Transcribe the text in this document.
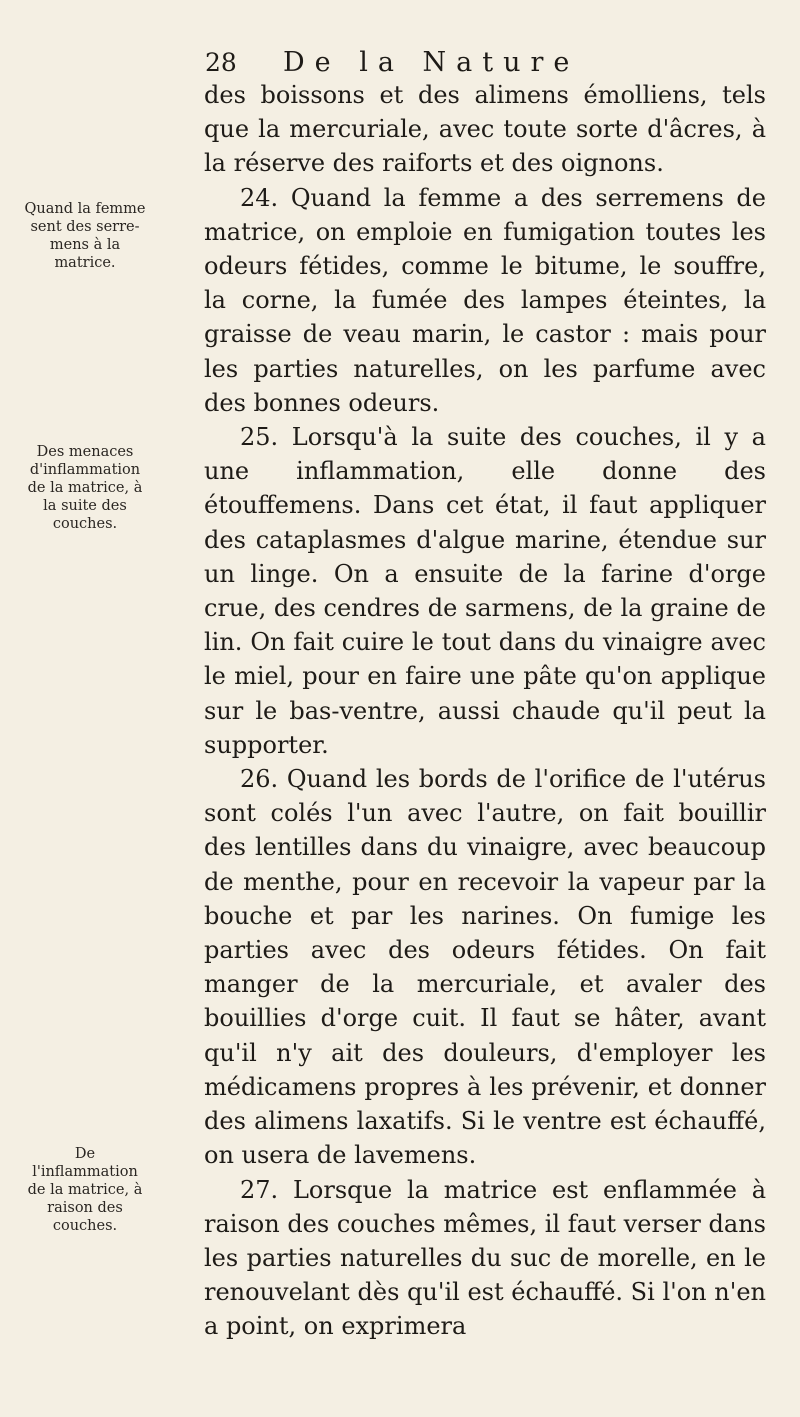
28 De la Nature
Quand la femme sent des serre-mens à la matrice.
Des menaces d'inflammation de la matrice, à la suite des couches.
De l'inflammation de la matrice, à raison des couches.

des boissons et des alimens émolliens, tels que la mercuriale, avec toute sorte d'âcres, à la réserve des raiforts et des oignons.

24. Quand la femme a des serremens de matrice, on emploie en fumigation toutes les odeurs fétides, comme le bitume, le souffre, la corne, la fumée des lampes éteintes, la graisse de veau marin, le castor : mais pour les parties naturelles, on les parfume avec des bonnes odeurs.

25. Lorsqu'à la suite des couches, il y a une inflammation, elle donne des étouffemens. Dans cet état, il faut appliquer des cataplasmes d'algue marine, étendue sur un linge. On a ensuite de la farine d'orge crue, des cendres de sarmens, de la graine de lin. On fait cuire le tout dans du vinaigre avec le miel, pour en faire une pâte qu'on applique sur le bas-ventre, aussi chaude qu'il peut la supporter.

26. Quand les bords de l'orifice de l'utérus sont colés l'un avec l'autre, on fait bouillir des lentilles dans du vinaigre, avec beaucoup de menthe, pour en recevoir la vapeur par la bouche et par les narines. On fumige les parties avec des odeurs fétides. On fait manger de la mercuriale, et avaler des bouillies d'orge cuit. Il faut se hâter, avant qu'il n'y ait des douleurs, d'employer les médicamens propres à les prévenir, et donner des alimens laxatifs. Si le ventre est échauffé, on usera de lavemens.

27. Lorsque la matrice est enflammée à raison des couches mêmes, il faut verser dans les parties naturelles du suc de morelle, en le renouvelant dès qu'il est échauffé. Si l'on n'en a point, on exprimera
